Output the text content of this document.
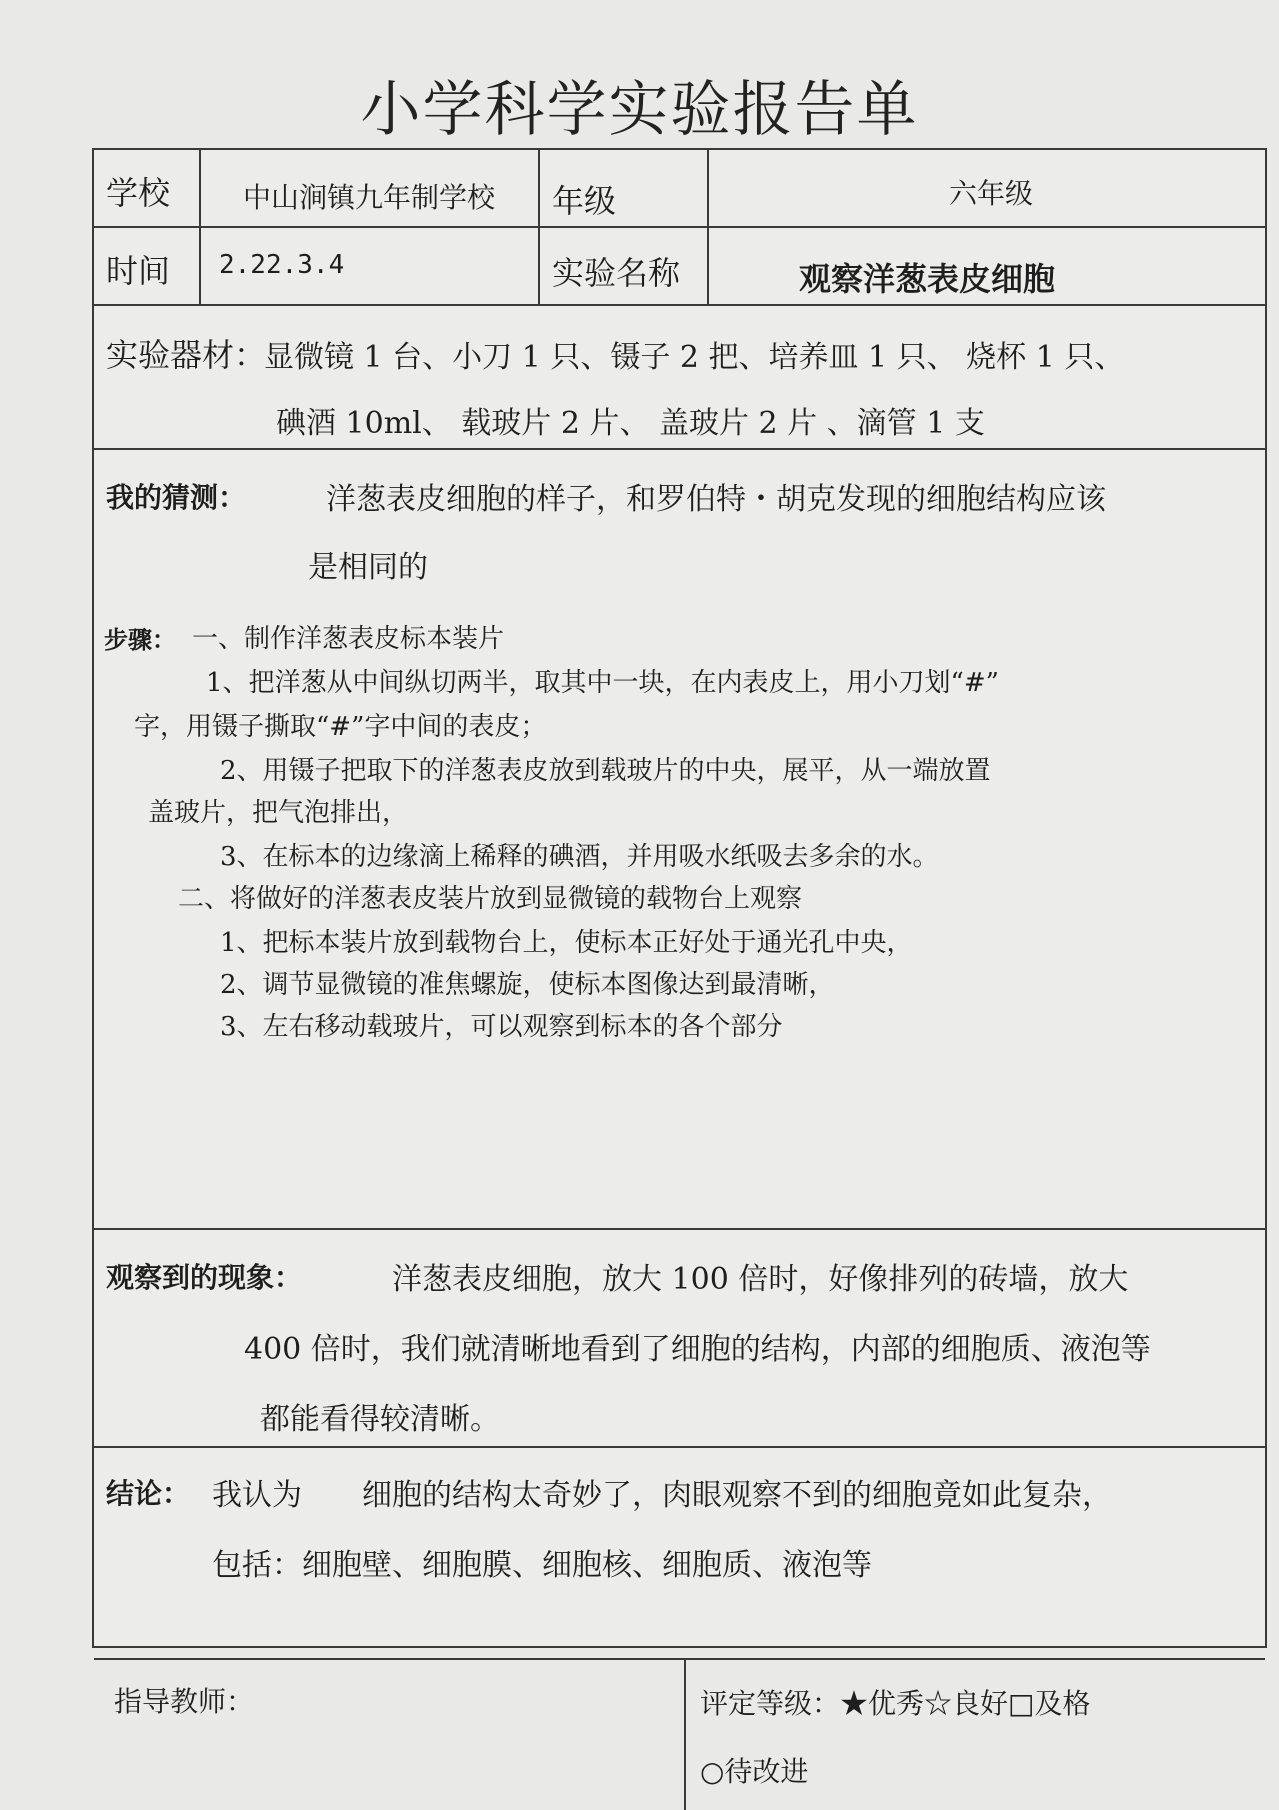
小学科学实验报告单
学校	中山涧镇九年制学校 年级	六年级
时间 2.22.3.4	实验名称	观察洋葱表皮细胞
实验器材：
显微镜 1 台、小刀 1 只、镊子 2 把、培养皿 1 只、 烧杯 1 只、
碘酒 10ml、 载玻片 2 片、 盖玻片 2 片 、滴管 1 支
我的猜测：	洋葱表皮细胞的样子，和罗伯特・胡克发现的细胞结构应该
是相同的
步骤： 一、制作洋葱表皮标本装片
1、把洋葱从中间纵切两半，取其中一块，在内表皮上，用小刀划“#”
字，用镊子撕取“#”字中间的表皮；
2、用镊子把取下的洋葱表皮放到载玻片的中央，展平，从一端放置
盖玻片，把气泡排出，
3、在标本的边缘滴上稀释的碘酒，并用吸水纸吸去多余的水。
二、将做好的洋葱表皮装片放到显微镜的载物台上观察
1、把标本装片放到载物台上，使标本正好处于通光孔中央，
2、调节显微镜的准焦螺旋，使标本图像达到最清晰，
3、左右移动载玻片，可以观察到标本的各个部分
观察到的现象：	洋葱表皮细胞，放大 100 倍时，好像排列的砖墙，放大
400 倍时，我们就清晰地看到了细胞的结构，内部的细胞质、液泡等
都能看得较清晰。
结论： 我认为　　细胞的结构太奇妙了，肉眼观察不到的细胞竟如此复杂，
包括：细胞壁、细胞膜、细胞核、细胞质、液泡等
指导教师：	评定等级：★优秀☆良好□及格
○待改进
